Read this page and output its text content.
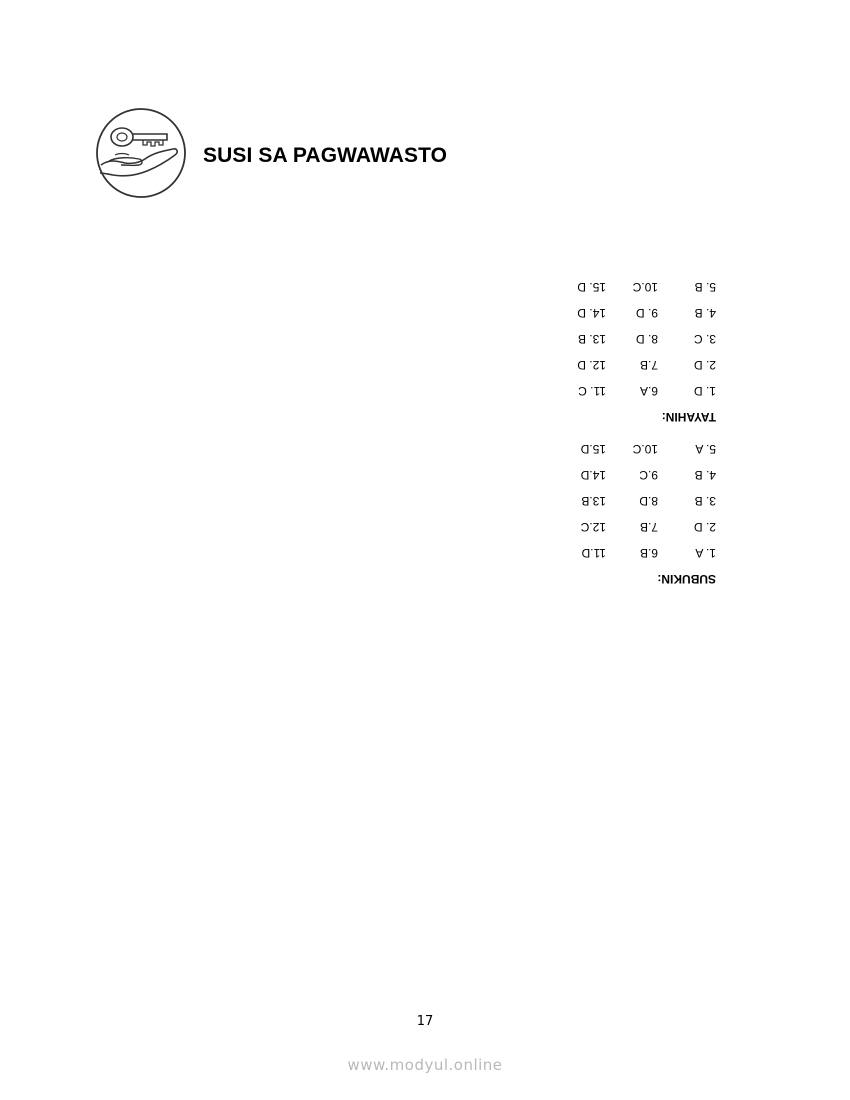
SUSI SA PAGWAWASTO
SUBUKIN:
1. A
6.B
11.D
2. D
7.B
12.C
3. B
8.D
13.B
4. B
9.C
14.D
5. A
10.C
15.D
TAYAHIN:
1. D
6.A
11. C
2. D
7.B
12. D
3. C
8. D
13. B
4. B
9. D
14. D
5. B
10.C
15. D
17
www.modyul.online
